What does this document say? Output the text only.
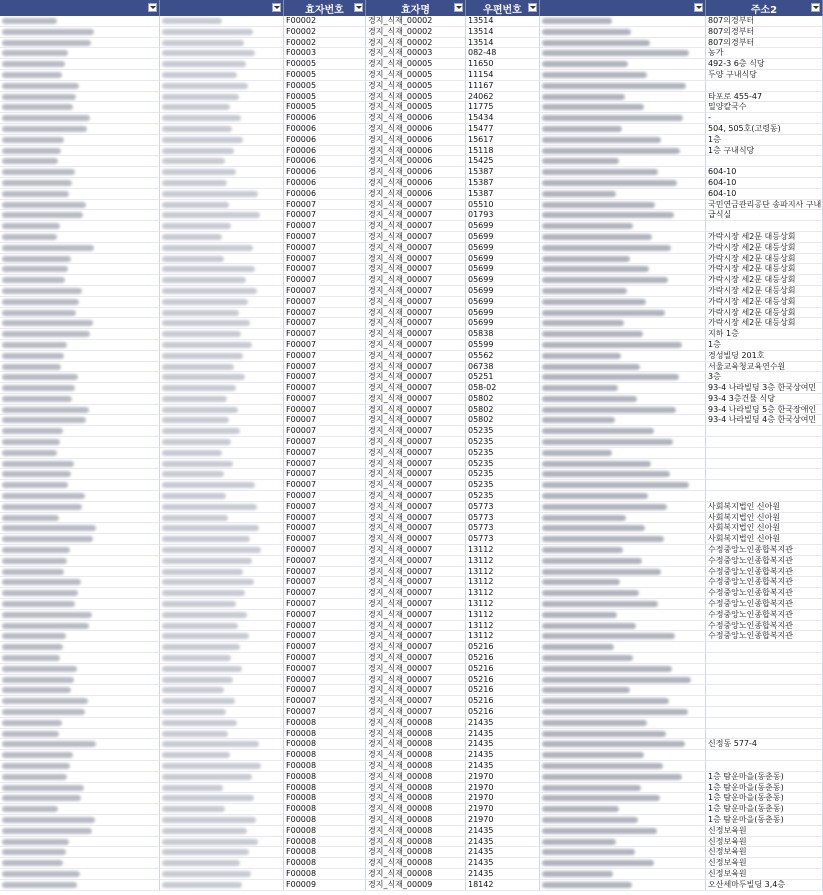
효자번호	효자명	우편번호	주소2
F00002	경지_식재_00002	13514	807의경부터
F00002	경지_식재_00002	13514	807의경부터
F00002	경지_식재_00002	13514	807의경부터
F00003	경지_식재_00003	082-48	농가
F00005	경지_식재_00005	11650	492-3 6층 식당
F00005	경지_식재_00005	11154	두양 구내식당
F00005	경지_식재_00005	11167
F00005	경지_식재_00005	24062	타포로 455-47
F00005	경지_식재_00005	11775	밀양칼국수
F00006	경지_식재_00006	15434	-
F00006	경지_식재_00006	15477	504, 505호(고령동)
F00006	경지_식재_00006	15617	1층
F00006	경지_식재_00006	15118	1층 구내식당
F00006	경지_식재_00006	15425
F00006	경지_식재_00006	15387	604-10
F00006	경지_식재_00006	15387	604-10
F00006	경지_식재_00006	15387	604-10
F00007	경지_식재_00007	05510	국민연금관리공단 송파지사 구내
F00007	경지_식재_00007	01793	급식실
F00007	경지_식재_00007	05699
F00007	경지_식재_00007	05699	가락시장 세2문 대등상회
F00007	경지_식재_00007	05699	가락시장 세2문 대등상회
F00007	경지_식재_00007	05699	가락시장 세2문 대등상회
F00007	경지_식재_00007	05699	가락시장 세2문 대등상회
F00007	경지_식재_00007	05699	가락시장 세2문 대등상회
F00007	경지_식재_00007	05699	가락시장 세2문 대등상회
F00007	경지_식재_00007	05699	가락시장 세2문 대등상회
F00007	경지_식재_00007	05699	가락시장 세2문 대등상회
F00007	경지_식재_00007	05699	가락시장 세2문 대등상회
F00007	경지_식재_00007	05838	지하 1층
F00007	경지_식재_00007	05599	1층
F00007	경지_식재_00007	05562	경성빌딩 201호
F00007	경지_식재_00007	06738	서울교육청교육연수원
F00007	경지_식재_00007	05251	3층
F00007	경지_식재_00007	058-02	93-4 나라빌딩 3층 한국상여민
F00007	경지_식재_00007	05802	93-4 3층건물 식당
F00007	경지_식재_00007	05802	93-4 나라빌딩 5층 한국장애인
F00007	경지_식재_00007	05802	93-4 나라빌딩 4층 한국상여민
F00007	경지_식재_00007	05235
F00007	경지_식재_00007	05235
F00007	경지_식재_00007	05235
F00007	경지_식재_00007	05235
F00007	경지_식재_00007	05235
F00007	경지_식재_00007	05235
F00007	경지_식재_00007	05235
F00007	경지_식재_00007	05773	사회복지법인 신아원
F00007	경지_식재_00007	05773	사회복지법인 신아원
F00007	경지_식재_00007	05773	사회복지법인 신아원
F00007	경지_식재_00007	05773	사회복지법인 신아원
F00007	경지_식재_00007	13112	수정중앙노인종합복지관
F00007	경지_식재_00007	13112	수정중앙노인종합복지관
F00007	경지_식재_00007	13112	수정중앙노인종합복지관
F00007	경지_식재_00007	13112	수정중앙노인종합복지관
F00007	경지_식재_00007	13112	수정중앙노인종합복지관
F00007	경지_식재_00007	13112	수정중앙노인종합복지관
F00007	경지_식재_00007	13112	수정중앙노인종합복지관
F00007	경지_식재_00007	13112	수정중앙노인종합복지관
F00007	경지_식재_00007	13112	수정중앙노인종합복지관
F00007	경지_식재_00007	05216
F00007	경지_식재_00007	05216
F00007	경지_식재_00007	05216
F00007	경지_식재_00007	05216
F00007	경지_식재_00007	05216
F00007	경지_식재_00007	05216
F00007	경지_식재_00007	05216
F00008	경지_식재_00008	21435
F00008	경지_식재_00008	21435
F00008	경지_식재_00008	21435	신정동 577-4
F00008	경지_식재_00008	21435
F00008	경지_식재_00008	21435
F00008	경지_식재_00008	21970	1층 탐운마을(동춘동)
F00008	경지_식재_00008	21970	1층 탐운마을(동춘동)
F00008	경지_식재_00008	21970	1층 탐운마을(동춘동)
F00008	경지_식재_00008	21970	1층 탐운마을(동춘동)
F00008	경지_식재_00008	21970	1층 탐운마을(동춘동)
F00008	경지_식재_00008	21435	신정보육원
F00008	경지_식재_00008	21435	신정보육원
F00008	경지_식재_00008	21435	신정보육원
F00008	경지_식재_00008	21435	신정보육원
F00008	경지_식재_00008	21435	신정보육원
F00009	경지_식재_00009	18142	오산세마두빌딩 3,4층
